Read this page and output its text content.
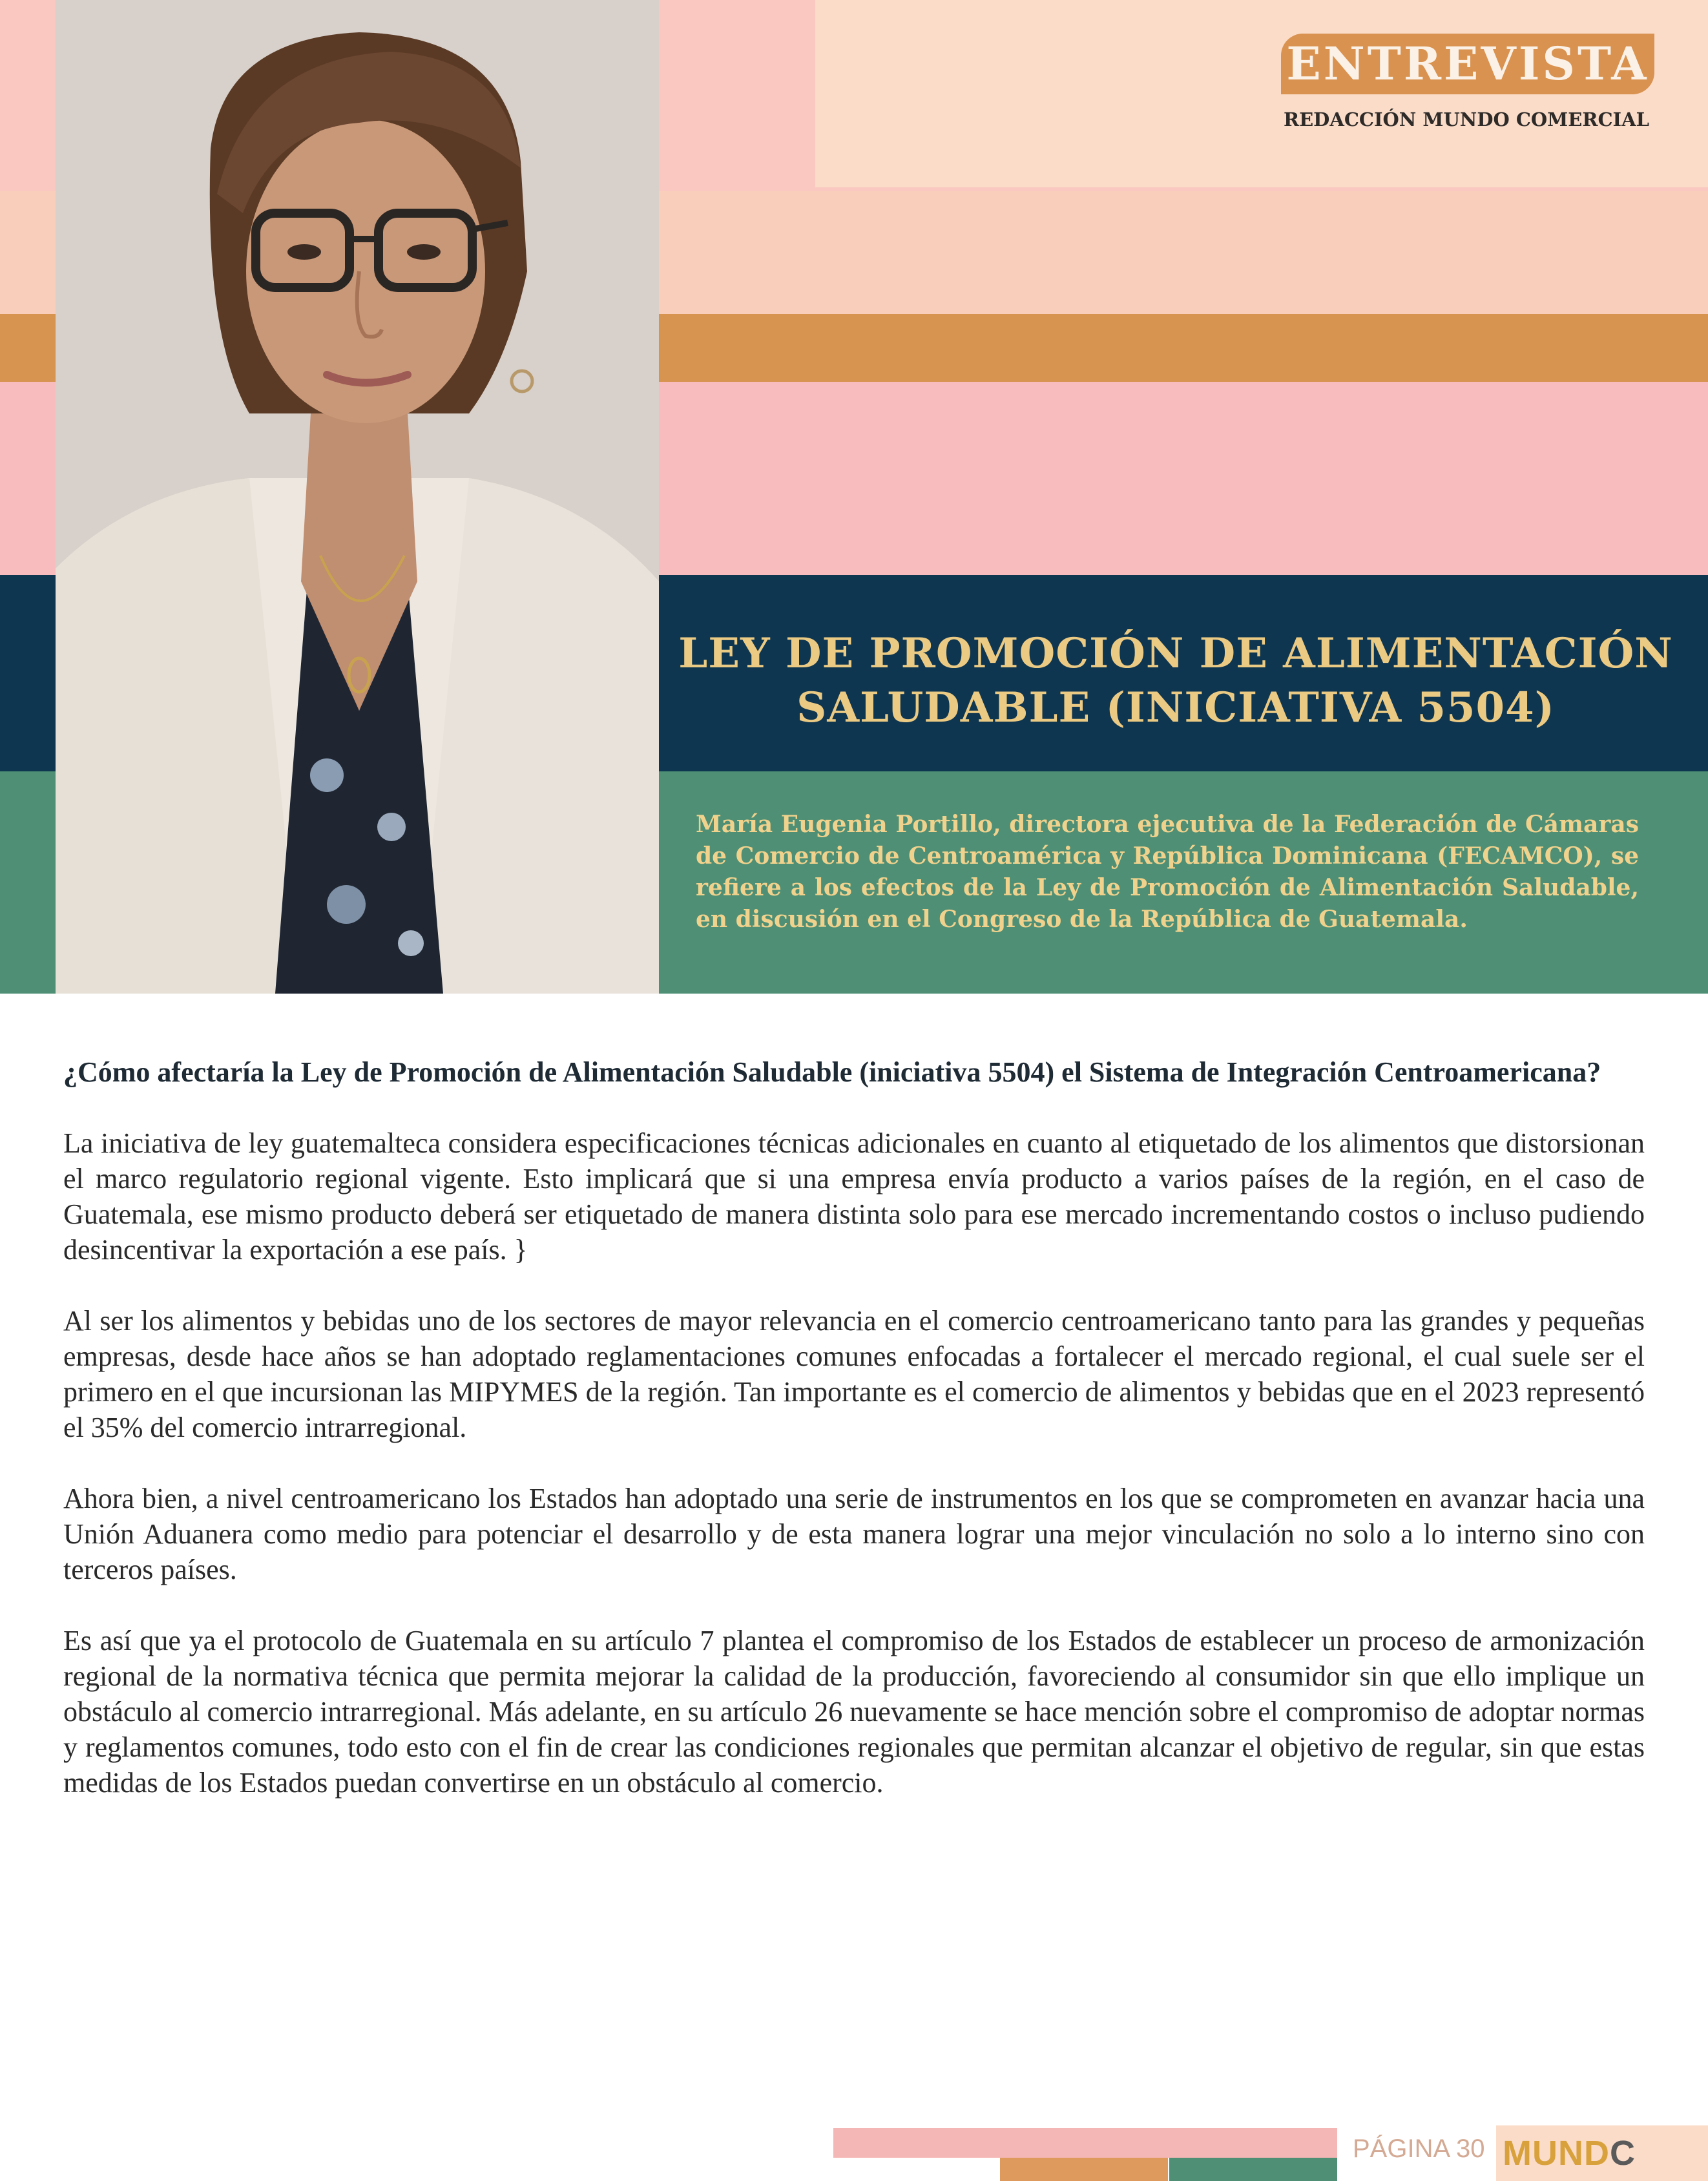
ENTREVISTA
REDACCIÓN MUNDO COMERCIAL
LEY DE PROMOCIÓN DE ALIMENTACIÓN
SALUDABLE (INICIATIVA 5504)
María Eugenia Portillo, directora ejecutiva de la Federación de Cámaras de Comercio de Centroamérica y República Dominicana (FECAMCO), se refiere a los efectos de la Ley de Promoción de Alimentación Saludable, en discusión en el Congreso de la República de Guatemala.
¿Cómo afectaría la Ley de Promoción de Alimentación Saludable (iniciativa 5504) el Sistema de Integración Centroamericana?

La iniciativa de ley guatemalteca considera especificaciones técnicas adicionales en cuanto al etiquetado de los alimentos que distorsionan el marco regulatorio regional vigente. Esto implicará que si una empresa envía producto a varios países de la región, en el caso de Guatemala, ese mismo producto deberá ser etiquetado de manera distinta solo para ese mercado incrementando costos o incluso pudiendo desincentivar la exportación a ese país. }

Al ser los alimentos y bebidas uno de los sectores de mayor relevancia en el comercio centroamericano tanto para las grandes y pequeñas empresas, desde hace años se han adoptado reglamentaciones comunes enfocadas a fortalecer el mercado regional, el cual suele ser el primero en el que incursionan las MIPYMES de la región. Tan importante es el comercio de alimentos y bebidas que en el 2023 representó el 35% del comercio intrarregional.

Ahora bien, a nivel centroamericano los Estados han adoptado una serie de instrumentos en los que se comprometen en avanzar hacia una Unión Aduanera como medio para potenciar el desarrollo y de esta manera lograr una mejor vinculación no solo a lo interno sino con terceros países.

Es así que ya el protocolo de Guatemala en su artículo 7 plantea el compromiso de los Estados de establecer un proceso de armonización regional de la normativa técnica que permita mejorar la calidad de la producción, favoreciendo al consumidor sin que ello implique un obstáculo al comercio intrarregional. Más adelante, en su artículo 26 nuevamente se hace mención sobre el compromiso de adoptar normas y reglamentos comunes, todo esto con el fin de crear las condiciones regionales que permitan alcanzar el objetivo de regular, sin que estas medidas de los Estados puedan convertirse en un obstáculo al comercio.

PÁGINA 30 MUNDC
